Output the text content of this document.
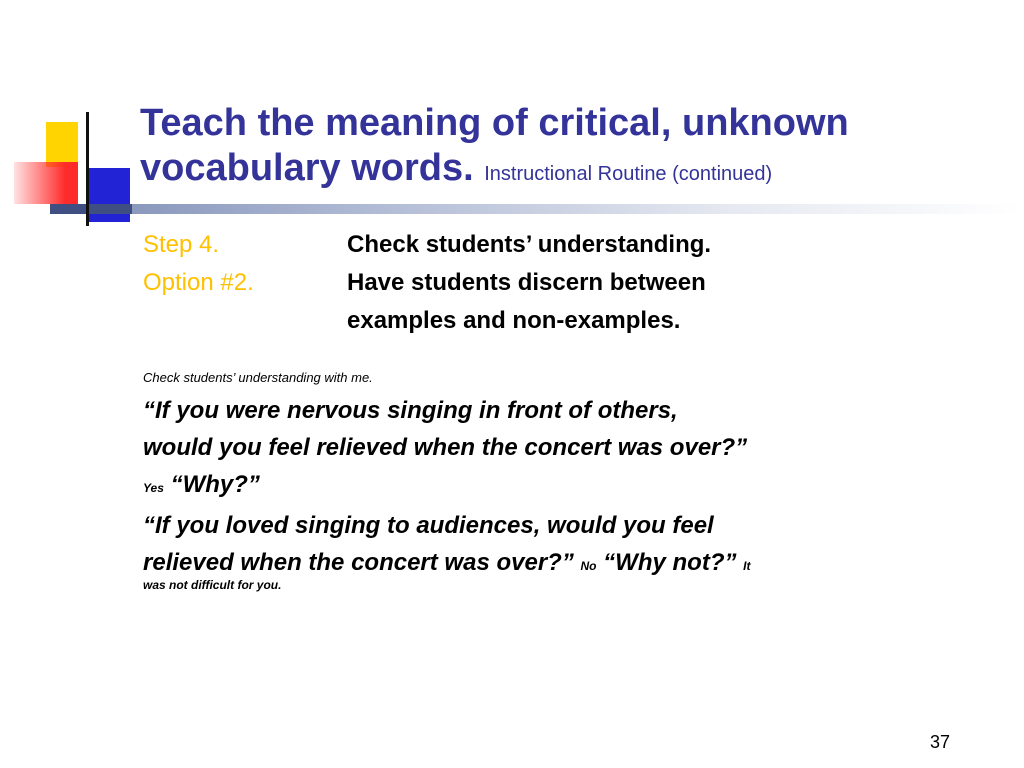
Teach the meaning of critical, unknown vocabulary words. Instructional Routine (continued)
Step 4.	Check students’ understanding.
Option #2.	Have students discern between
examples and non-examples.
Check students’ understanding with me.

“If you were nervous singing in front of others,
would you feel relieved when the concert was over?”
Yes “Why?”
“If you loved singing to audiences, would you feel
relieved when the concert was over?” No “Why not?” It
was not difficult for you.

37
